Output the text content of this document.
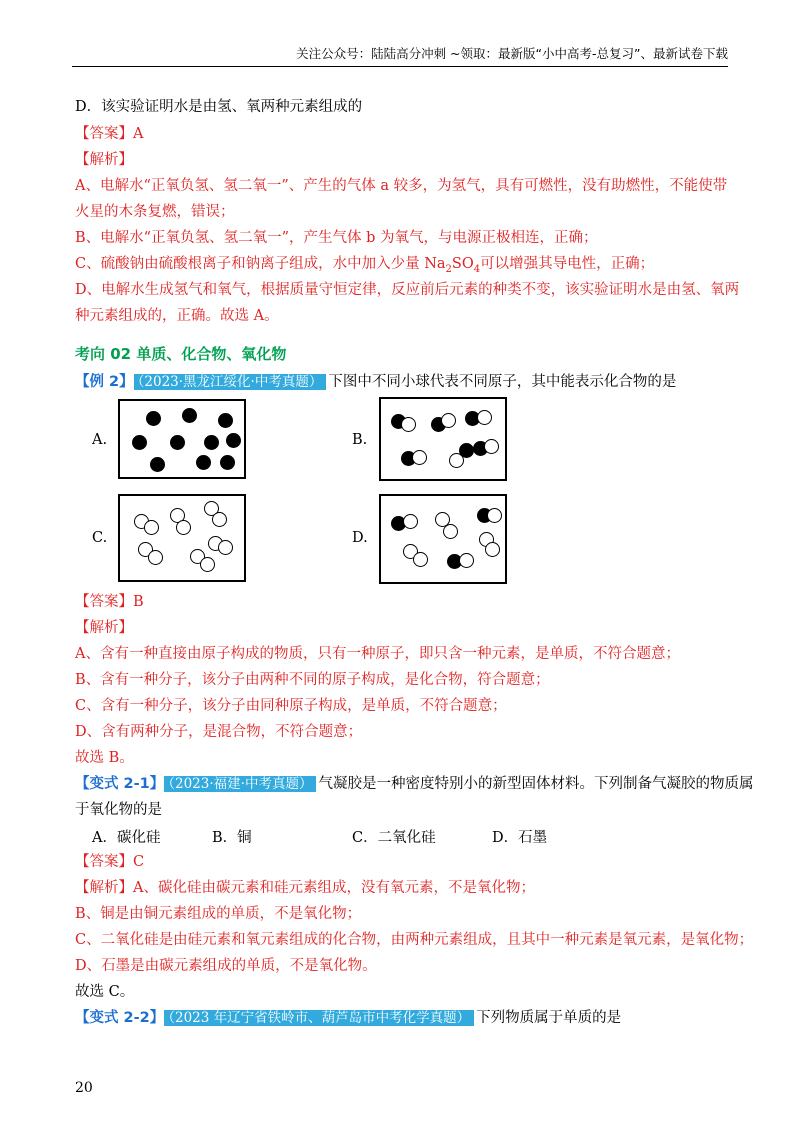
关注公众号：陆陆高分冲刺 ~领取：最新版“小中高考-总复习”、最新试卷下载
D．该实验证明水是由氢、氧两种元素组成的
【答案】A
【解析】
A、电解水“正氧负氢、氢二氧一”、产生的气体 a 较多，为氢气，具有可燃性，没有助燃性，不能使带
火星的木条复燃，错误；
B、电解水“正氧负氢、氢二氧一”，产生气体 b 为氧气，与电源正极相连，正确；
C、硫酸钠由硫酸根离子和钠离子组成，水中加入少量 $Na_2SO_4$可以增强其导电性，正确；
D、电解水生成氢气和氧气，根据质量守恒定律，反应前后元素的种类不变，该实验证明水是由氢、氧两
种元素组成的，正确。故选 A。
考向 02 单质、化合物、氧化物
【例 2】 （2023·黑龙江绥化·中考真题） 下图中不同小球代表不同原子，其中能表示化合物的是
A.	B.
C.	D.
【答案】B
【解析】
A、含有一种直接由原子构成的物质，只有一种原子，即只含一种元素，是单质，不符合题意；
B、含有一种分子，该分子由两种不同的原子构成，是化合物，符合题意；
C、含有一种分子，该分子由同种原子构成，是单质，不符合题意；
D、含有两种分子，是混合物，不符合题意；
故选 B。
【变式 2-1】 （2023·福建·中考真题） 气凝胶是一种密度特别小的新型固体材料。下列制备气凝胶的物质属
于氧化物的是
A．碳化硅	B．铜	C．二氧化硅	D．石墨
【答案】C
【解析】A、碳化硅由碳元素和硅元素组成，没有氧元素，不是氧化物；
B、铜是由铜元素组成的单质，不是氧化物；
C、二氧化硅是由硅元素和氧元素组成的化合物，由两种元素组成，且其中一种元素是氧元素，是氧化物；
D、石墨是由碳元素组成的单质，不是氧化物。
故选 C。
【变式 2-2】 （2023 年辽宁省铁岭市、葫芦岛市中考化学真题） 下列物质属于单质的是
20
